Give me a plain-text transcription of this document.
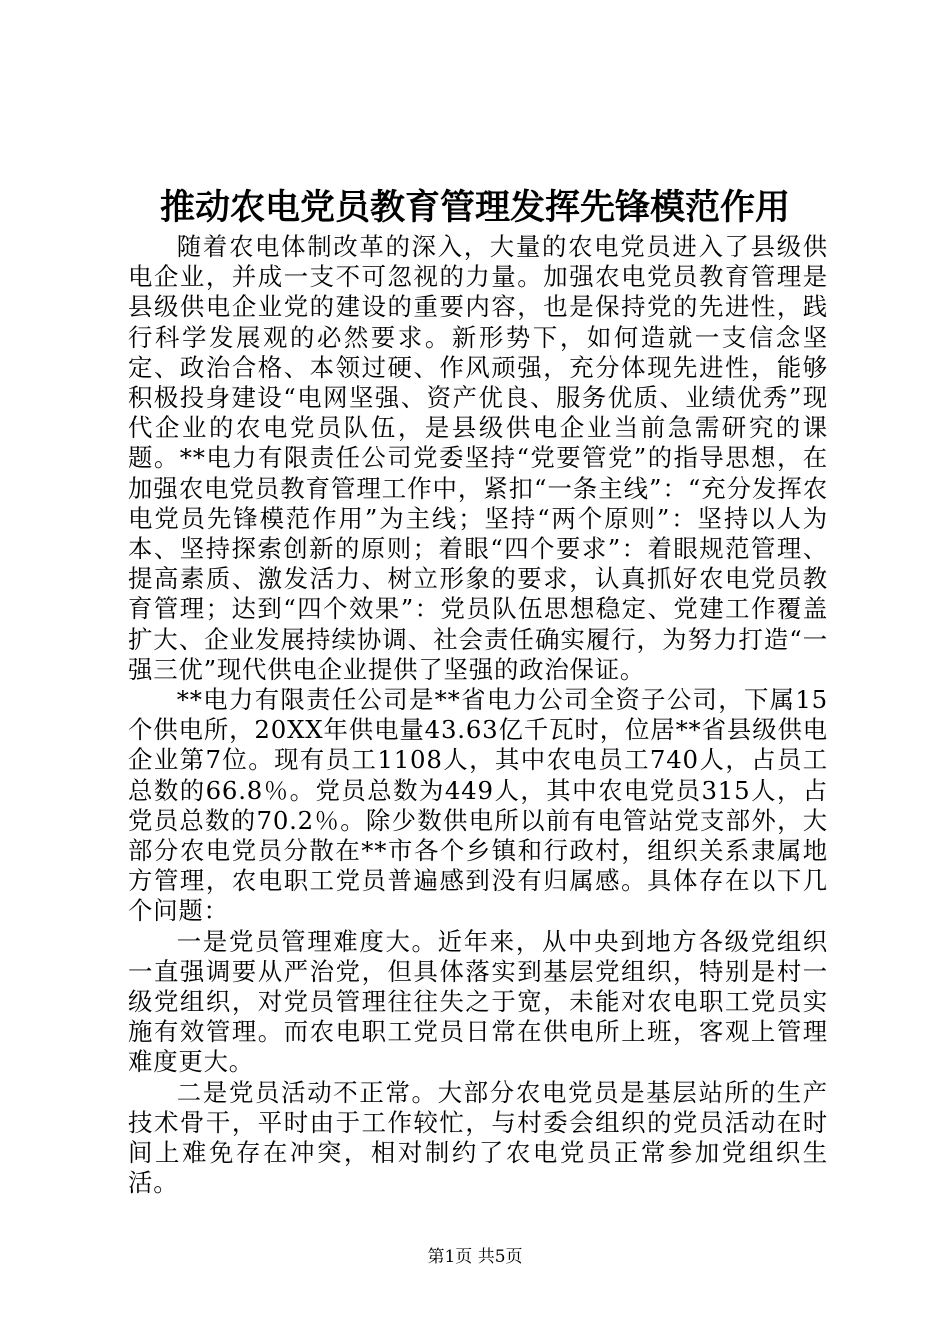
推动农电党员教育管理发挥先锋模范作用

随着农电体制改革的深入，大量的农电党员进入了县级供电企业，并成一支不可忽视的力量。加强农电党员教育管理是县级供电企业党的建设的重要内容，也是保持党的先进性，践行科学发展观的必然要求。新形势下，如何造就一支信念坚定、政治合格、本领过硬、作风顽强，充分体现先进性，能够积极投身建设“电网坚强、资产优良、服务优质、业绩优秀”现代企业的农电党员队伍，是县级供电企业当前急需研究的课题。**电力有限责任公司党委坚持“党要管党”的指导思想，在加强农电党员教育管理工作中，紧扣“一条主线”：“充分发挥农电党员先锋模范作用”为主线；坚持“两个原则”：坚持以人为本、坚持探索创新的原则；着眼“四个要求”：着眼规范管理、提高素质、激发活力、树立形象的要求，认真抓好农电党员教育管理；达到“四个效果”：党员队伍思想稳定、党建工作覆盖扩大、企业发展持续协调、社会责任确实履行，为努力打造“一强三优”现代供电企业提供了坚强的政治保证。

**电力有限责任公司是**省电力公司全资子公司，下属15个供电所，20XX年供电量43.63亿千瓦时，位居**省县级供电企业第7位。现有员工1108人，其中农电员工740人，占员工总数的66.8％。党员总数为449人，其中农电党员315人，占党员总数的70.2％。除少数供电所以前有电管站党支部外，大部分农电党员分散在**市各个乡镇和行政村，组织关系隶属地方管理，农电职工党员普遍感到没有归属感。具体存在以下几个问题：

一是党员管理难度大。近年来，从中央到地方各级党组织一直强调要从严治党，但具体落实到基层党组织，特别是村一级党组织，对党员管理往往失之于宽，未能对农电职工党员实施有效管理。而农电职工党员日常在供电所上班，客观上管理难度更大。

二是党员活动不正常。大部分农电党员是基层站所的生产技术骨干，平时由于工作较忙，与村委会组织的党员活动在时间上难免存在冲突，相对制约了农电党员正常参加党组织生活。

第1页 共5页
